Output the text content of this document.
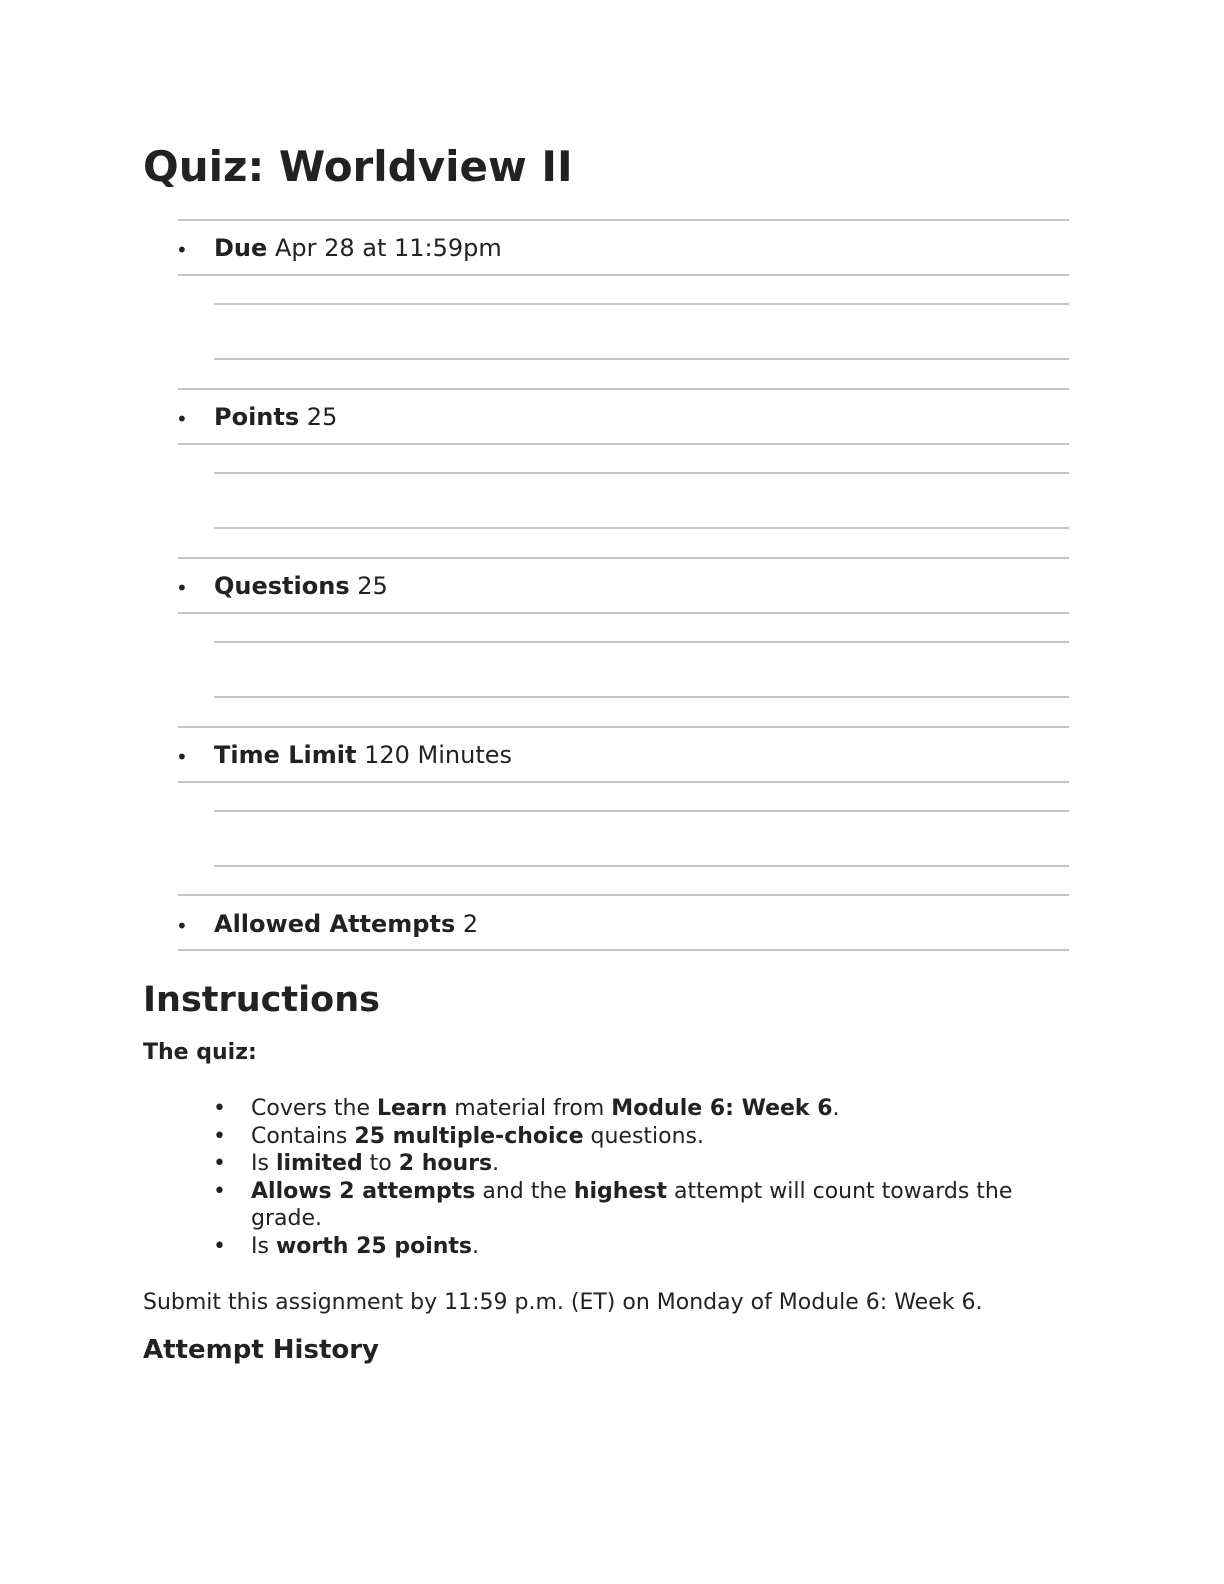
Quiz: Worldview II
• Due Apr 28 at 11:59pm
• Points 25
• Questions 25
• Time Limit 120 Minutes
• Allowed Attempts 2
Instructions

The quiz:

• Covers the Learn material from Module 6: Week 6.
• Contains 25 multiple-choice questions.
• Is limited to 2 hours.
• Allows 2 attempts and the highest attempt will count towards the grade.
• Is worth 25 points.

Submit this assignment by 11:59 p.m. (ET) on Monday of Module 6: Week 6.

Attempt History
